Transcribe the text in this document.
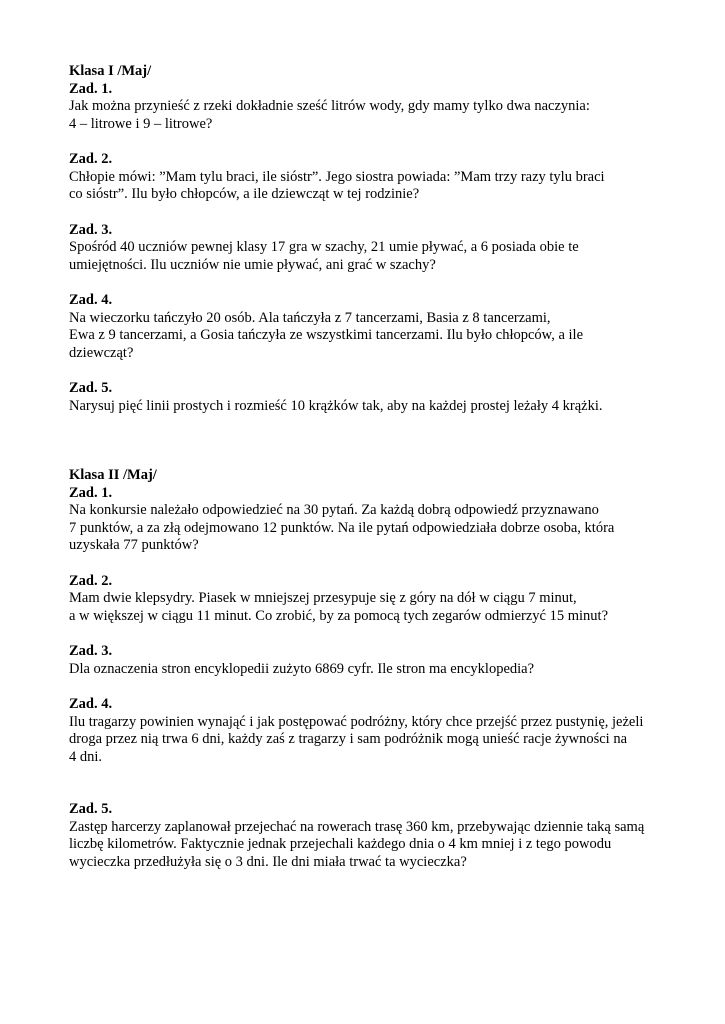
Klasa I /Maj/

Zad. 1.

Jak można przynieść z rzeki dokładnie sześć litrów wody, gdy mamy tylko dwa naczynia:

4 – litrowe i 9 – litrowe?

Zad. 2.

Chłopie mówi: ”Mam tylu braci, ile sióstr”. Jego siostra powiada: ”Mam trzy razy tylu braci

co sióstr”. Ilu było chłopców, a ile dziewcząt w tej rodzinie?

Zad. 3.

Spośród 40 uczniów pewnej klasy 17 gra w szachy, 21 umie pływać, a 6 posiada obie te

umiejętności. Ilu uczniów nie umie pływać, ani grać w szachy?

Zad. 4.

Na wieczorku tańczyło 20 osób. Ala tańczyła z 7 tancerzami, Basia z 8 tancerzami,

Ewa z 9 tancerzami, a Gosia tańczyła ze wszystkimi tancerzami. Ilu było chłopców, a ile

dziewcząt?

Zad. 5.

Narysuj pięć linii prostych i rozmieść 10 krążków tak, aby na każdej prostej leżały 4 krążki.

Klasa II /Maj/

Zad. 1.

Na konkursie należało odpowiedzieć na 30 pytań. Za każdą dobrą odpowiedź przyznawano

7 punktów, a za złą odejmowano 12 punktów. Na ile pytań odpowiedziała dobrze osoba, która

uzyskała 77 punktów?

Zad. 2.

Mam dwie klepsydry. Piasek w mniejszej przesypuje się z góry na dół w ciągu 7 minut,

a w większej w ciągu 11 minut. Co zrobić, by za pomocą tych zegarów odmierzyć 15 minut?

Zad. 3.

Dla oznaczenia stron encyklopedii zużyto 6869 cyfr. Ile stron ma encyklopedia?

Zad. 4.

Ilu tragarzy powinien wynająć i jak postępować podróżny, który chce przejść przez pustynię, jeżeli

droga przez nią trwa 6 dni, każdy zaś z tragarzy i sam podróżnik mogą unieść racje żywności na

4 dni.

Zad. 5.

Zastęp harcerzy zaplanował przejechać na rowerach trasę 360 km, przebywając dziennie taką samą

liczbę kilometrów. Faktycznie jednak przejechali każdego dnia o 4 km mniej i z tego powodu

wycieczka przedłużyła się o 3 dni. Ile dni miała trwać ta wycieczka?
